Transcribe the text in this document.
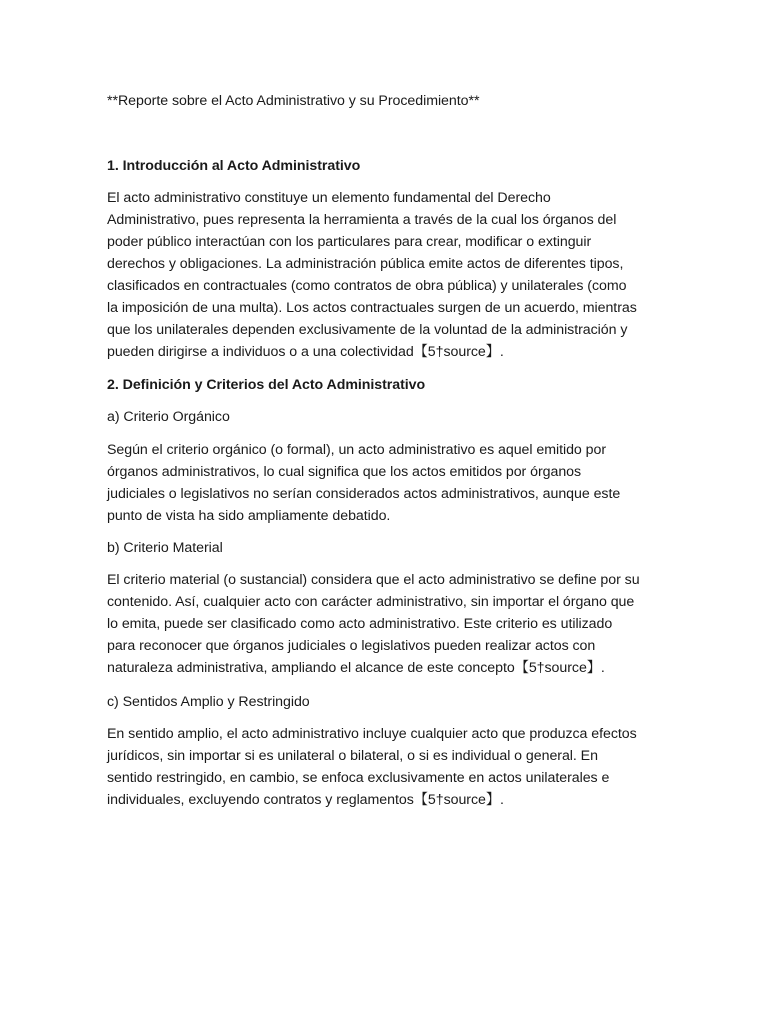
**Reporte sobre el Acto Administrativo y su Procedimiento**
1. Introducción al Acto Administrativo
El acto administrativo constituye un elemento fundamental del Derecho
Administrativo, pues representa la herramienta a través de la cual los órganos del
poder público interactúan con los particulares para crear, modificar o extinguir
derechos y obligaciones. La administración pública emite actos de diferentes tipos,
clasificados en contractuales (como contratos de obra pública) y unilaterales (como
la imposición de una multa). Los actos contractuales surgen de un acuerdo, mientras
que los unilaterales dependen exclusivamente de la voluntad de la administración y
pueden dirigirse a individuos o a una colectividad【5†source】.
2. Definición y Criterios del Acto Administrativo
a) Criterio Orgánico
Según el criterio orgánico (o formal), un acto administrativo es aquel emitido por
órganos administrativos, lo cual significa que los actos emitidos por órganos
judiciales o legislativos no serían considerados actos administrativos, aunque este
punto de vista ha sido ampliamente debatido.
b) Criterio Material
El criterio material (o sustancial) considera que el acto administrativo se define por su
contenido. Así, cualquier acto con carácter administrativo, sin importar el órgano que
lo emita, puede ser clasificado como acto administrativo. Este criterio es utilizado
para reconocer que órganos judiciales o legislativos pueden realizar actos con
naturaleza administrativa, ampliando el alcance de este concepto【5†source】.
c) Sentidos Amplio y Restringido
En sentido amplio, el acto administrativo incluye cualquier acto que produzca efectos
jurídicos, sin importar si es unilateral o bilateral, o si es individual o general. En
sentido restringido, en cambio, se enfoca exclusivamente en actos unilaterales e
individuales, excluyendo contratos y reglamentos【5†source】.
